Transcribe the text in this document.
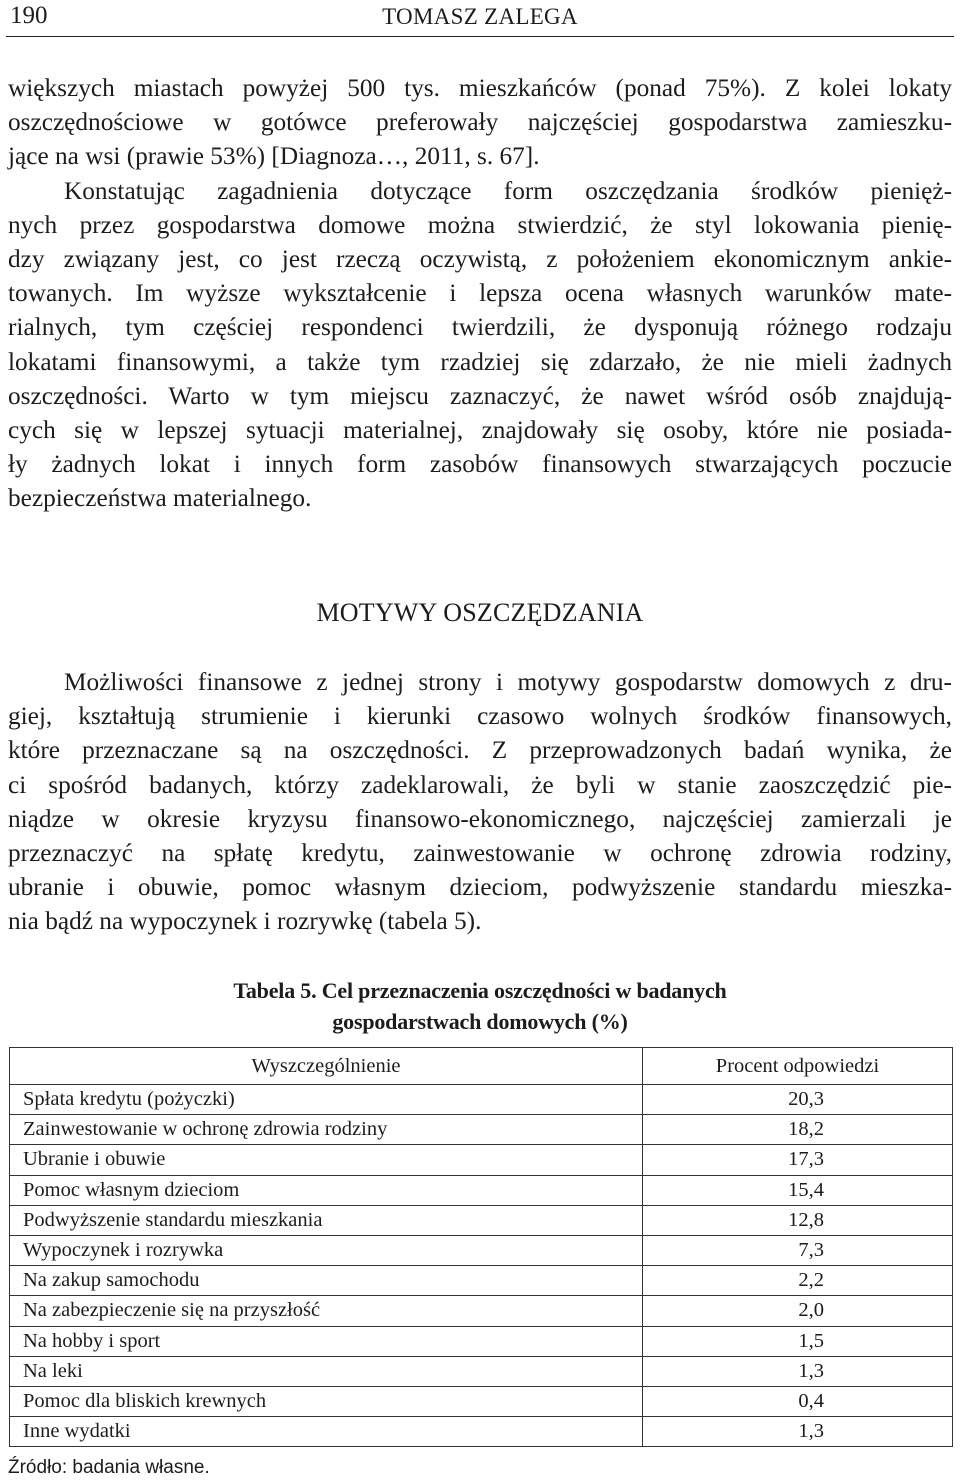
190	TOMASZ ZALEGA

większych miastach powyżej 500 tys. mieszkańców (ponad 75%). Z kolei lokaty
oszczędnościowe w gotówce preferowały najczęściej gospodarstwa zamieszku-
jące na wsi (prawie 53%) [Diagnoza…, 2011, s. 67].

Konstatując zagadnienia dotyczące form oszczędzania środków pienięż-
nych przez gospodarstwa domowe można stwierdzić, że styl lokowania pienię-
dzy związany jest, co jest rzeczą oczywistą, z położeniem ekonomicznym ankie-
towanych. Im wyższe wykształcenie i lepsza ocena własnych warunków mate-
rialnych, tym częściej respondenci twierdzili, że dysponują różnego rodzaju
lokatami finansowymi, a także tym rzadziej się zdarzało, że nie mieli żadnych
oszczędności. Warto w tym miejscu zaznaczyć, że nawet wśród osób znajdują-
cych się w lepszej sytuacji materialnej, znajdowały się osoby, które nie posiada-
ły żadnych lokat i innych form zasobów finansowych stwarzających poczucie
bezpieczeństwa materialnego.

MOTYWY OSZCZĘDZANIA

Możliwości finansowe z jednej strony i motywy gospodarstw domowych z dru-
giej, kształtują strumienie i kierunki czasowo wolnych środków finansowych,
które przeznaczane są na oszczędności. Z przeprowadzonych badań wynika, że
ci spośród badanych, którzy zadeklarowali, że byli w stanie zaoszczędzić pie-
niądze w okresie kryzysu finansowo-ekonomicznego, najczęściej zamierzali je
przeznaczyć na spłatę kredytu, zainwestowanie w ochronę zdrowia rodziny,
ubranie i obuwie, pomoc własnym dzieciom, podwyższenie standardu mieszka-
nia bądź na wypoczynek i rozrywkę (tabela 5).

Tabela 5. Cel przeznaczenia oszczędności w badanych
gospodarstwach domowych (%)
Wyszczególnienie	Procent odpowiedzi
Spłata kredytu (pożyczki)	20,3
Zainwestowanie w ochronę zdrowia rodziny	18,2
Ubranie i obuwie	17,3
Pomoc własnym dzieciom	15,4
Podwyższenie standardu mieszkania	12,8
Wypoczynek i rozrywka	7,3
Na zakup samochodu	2,2
Na zabezpieczenie się na przyszłość	2,0
Na hobby i sport	1,5
Na leki	1,3
Pomoc dla bliskich krewnych	0,4
Inne wydatki	1,3
Źródło: badania własne.
